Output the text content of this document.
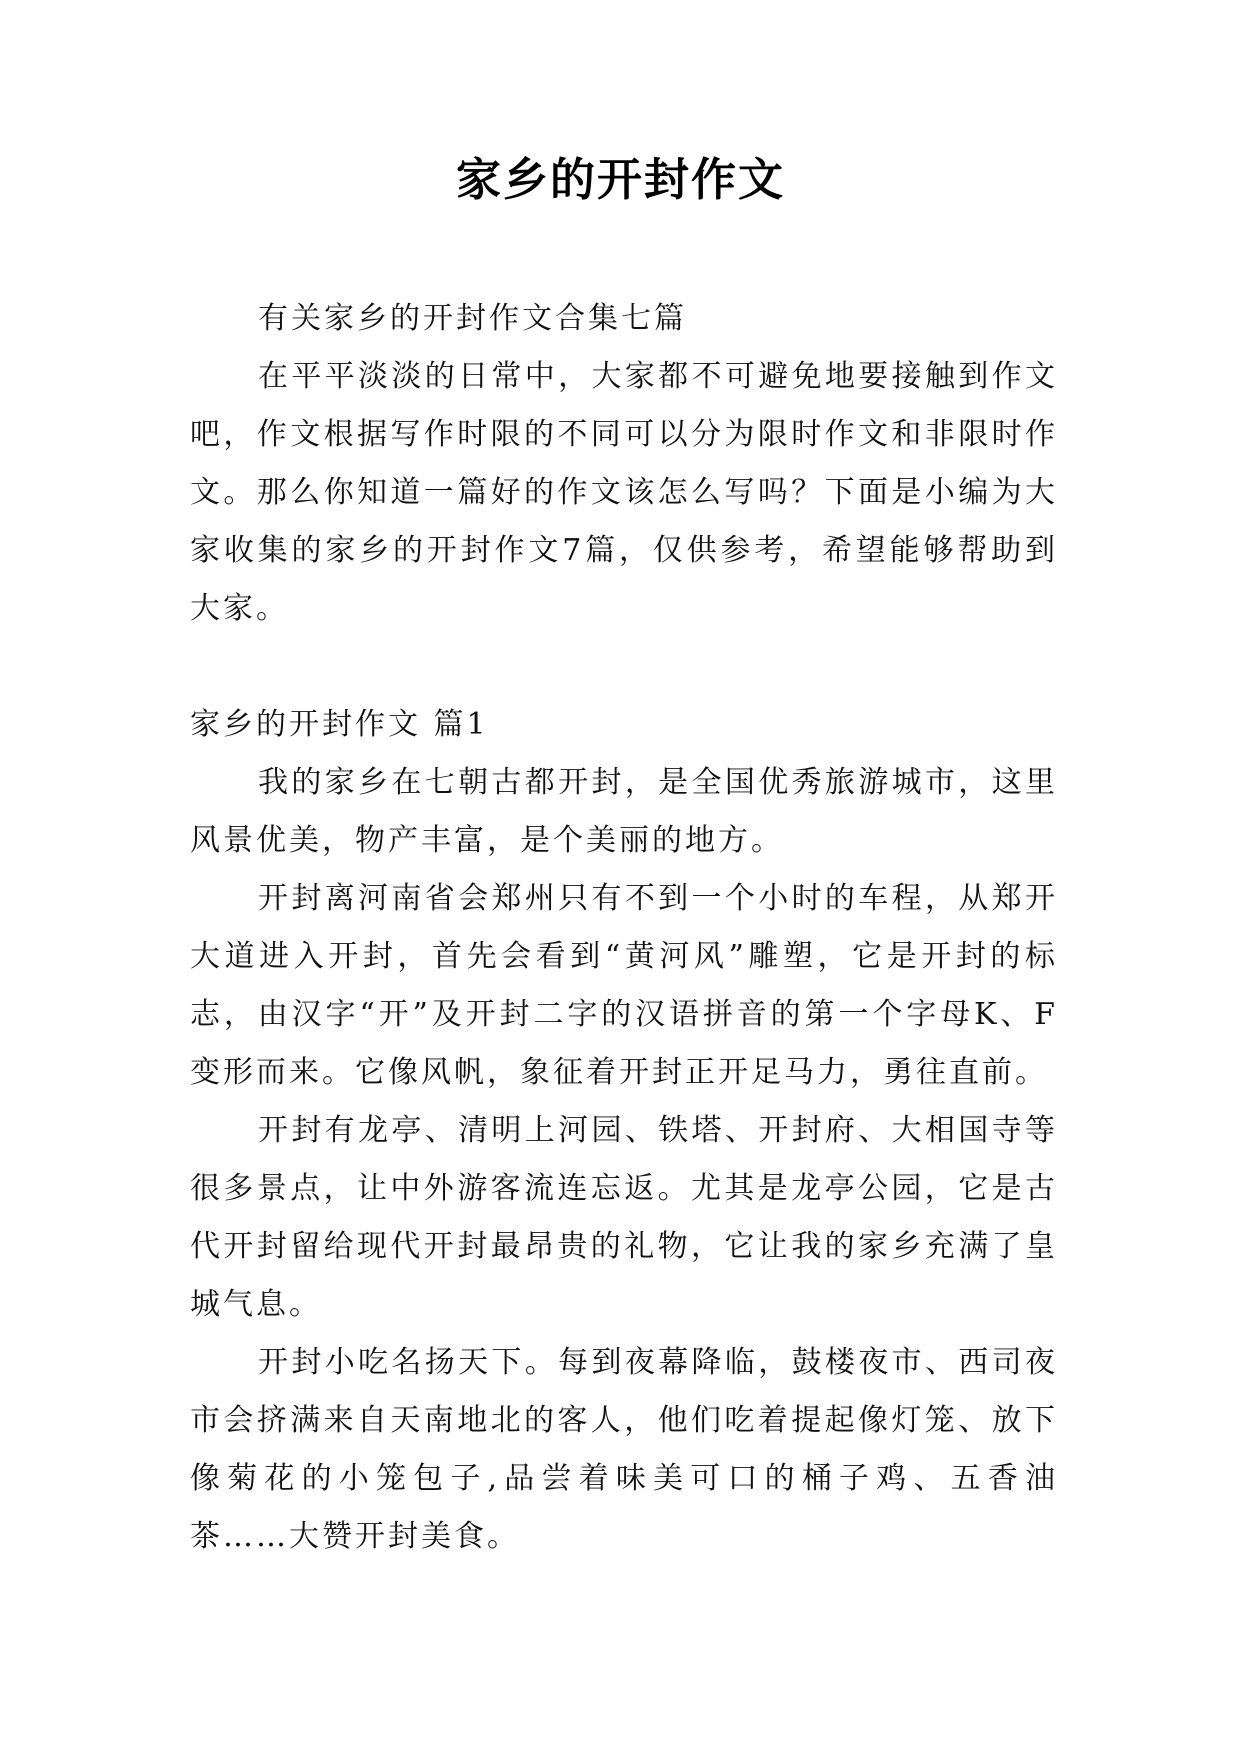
家乡的开封作文

有关家乡的开封作文合集七篇

在平平淡淡的日常中，大家都不可避免地要接触到作文吧，作文根据写作时限的不同可以分为限时作文和非限时作文。那么你知道一篇好的作文该怎么写吗？下面是小编为大家收集的家乡的开封作文7篇，仅供参考，希望能够帮助到大家。

家乡的开封作文 篇1

我的家乡在七朝古都开封，是全国优秀旅游城市，这里风景优美，物产丰富，是个美丽的地方。

开封离河南省会郑州只有不到一个小时的车程，从郑开大道进入开封，首先会看到“黄河风”雕塑，它是开封的标志，由汉字“开”及开封二字的汉语拼音的第一个字母K、F变形而来。它像风帆，象征着开封正开足马力，勇往直前。

开封有龙亭、清明上河园、铁塔、开封府、大相国寺等很多景点，让中外游客流连忘返。尤其是龙亭公园，它是古代开封留给现代开封最昂贵的礼物，它让我的家乡充满了皇城气息。

开封小吃名扬天下。每到夜幕降临，鼓楼夜市、西司夜市会挤满来自天南地北的客人，他们吃着提起像灯笼、放下像菊花的小笼包子,品尝着味美可口的桶子鸡、五香油茶……大赞开封美食。
